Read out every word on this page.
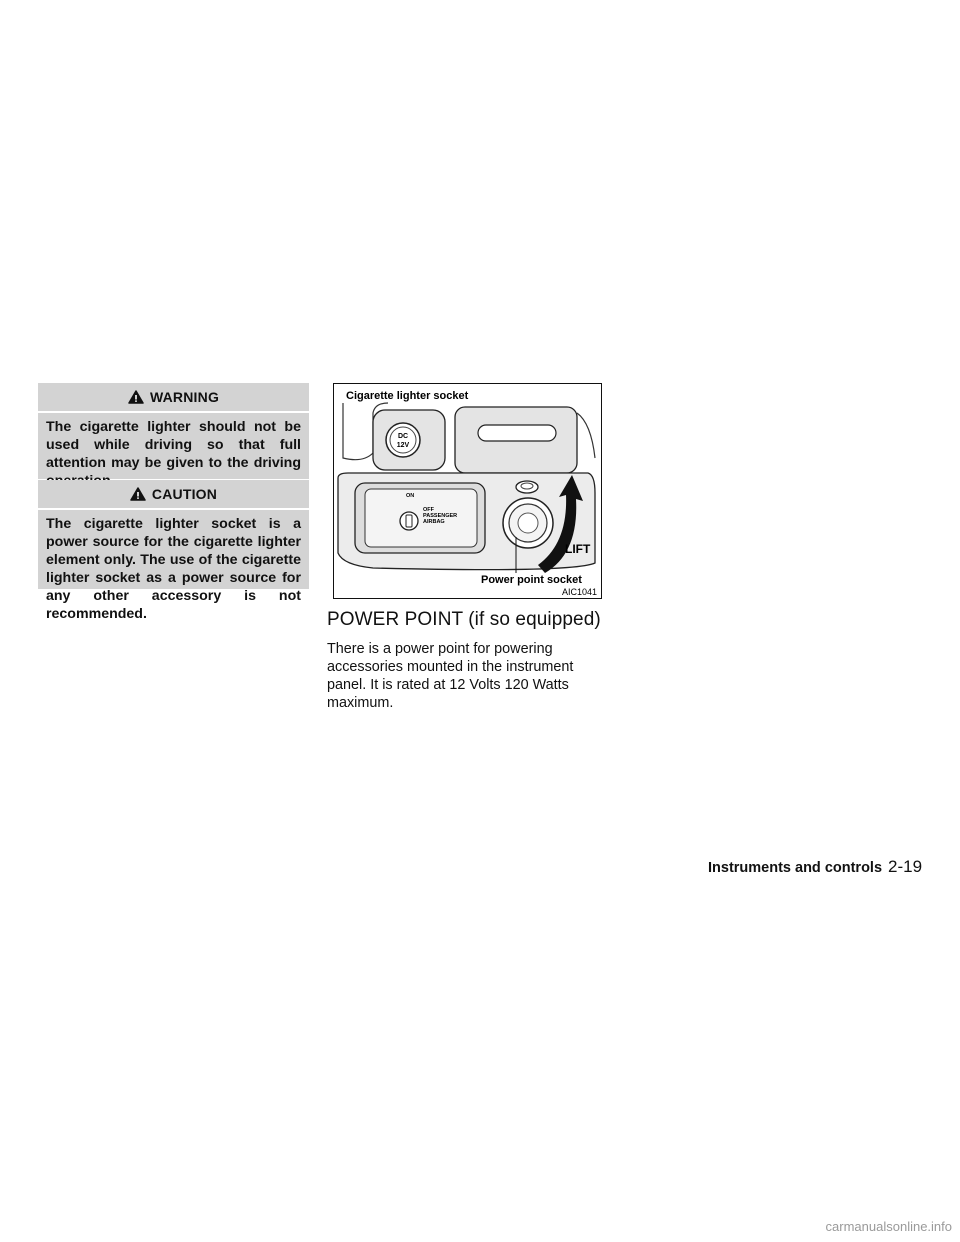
WARNING

The cigarette lighter should not be used while driving so that full attention may be given to the driving

CAUTION

The cigarette lighter socket is a power source for the cigarette lighter element only. The use of the cigarette lighter socket as a power source for any other accessory is not recommended.

DC
12V
ON
OFF
PASSENGER
AIRBAG
LIFT
Cigarette lighter socket
Power point socket
AIC1041
POWER POINT (if so equipped)

There is a power point for powering accessories mounted in the instrument panel. It is rated at 12 Volts 120 Watts maximum.

Instruments and controls 2-19
carmanualsonline.info
